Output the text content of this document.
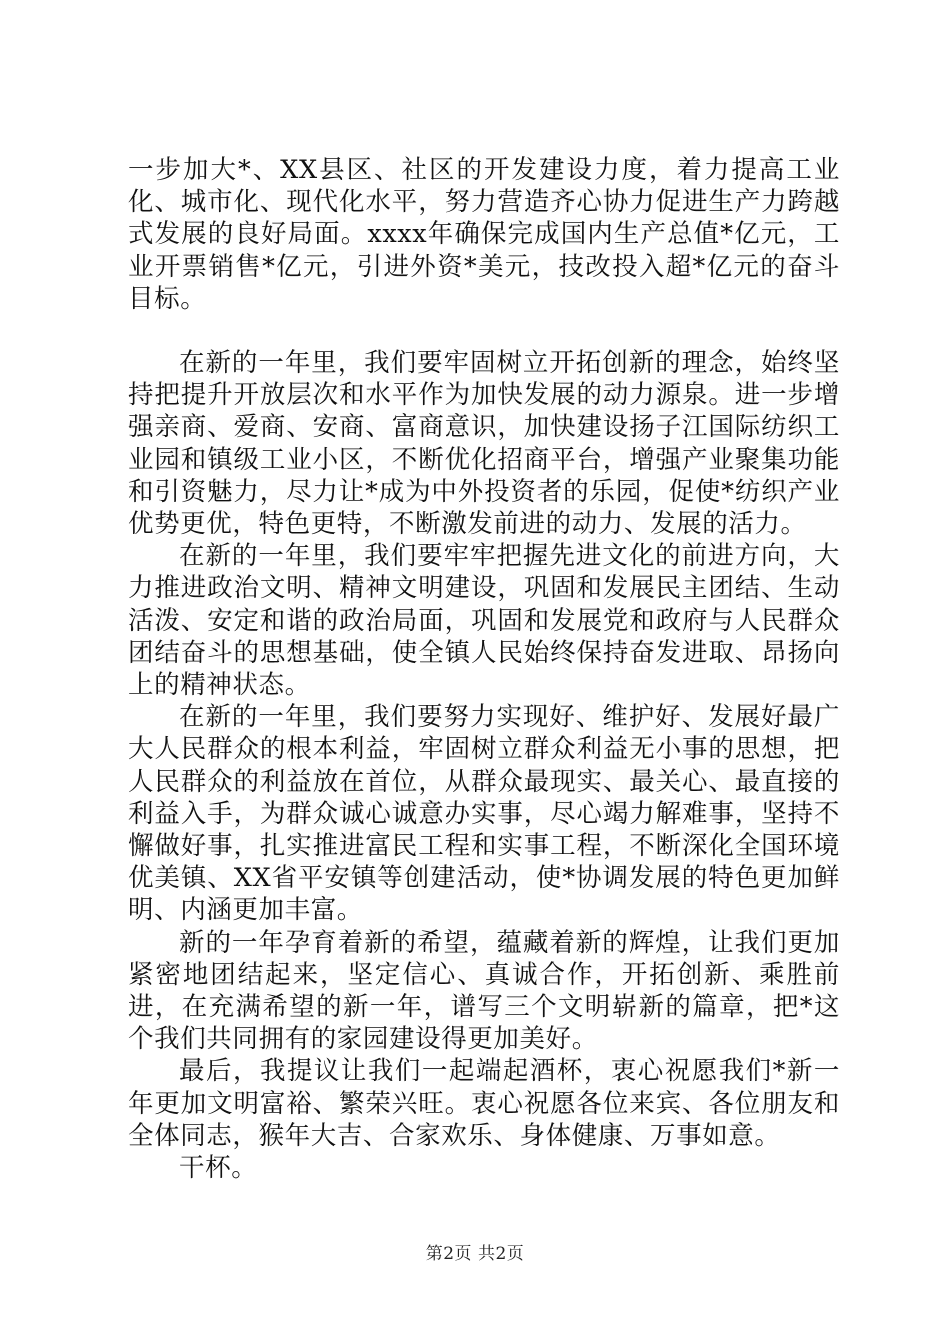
一步加大*、XX县区、社区的开发建设力度，着力提高工业化、城市化、现代化水平，努力营造齐心协力促进生产力跨越式发展的良好局面。xxxx年确保完成国内生产总值*亿元，工业开票销售*亿元，引进外资*美元，技改投入超*亿元的奋斗目标。

在新的一年里，我们要牢固树立开拓创新的理念，始终坚持把提升开放层次和水平作为加快发展的动力源泉。进一步增强亲商、爱商、安商、富商意识，加快建设扬子江国际纺织工业园和镇级工业小区，不断优化招商平台，增强产业聚集功能和引资魅力，尽力让*成为中外投资者的乐园，促使*纺织产业优势更优，特色更特，不断激发前进的动力、发展的活力。

在新的一年里，我们要牢牢把握先进文化的前进方向，大力推进政治文明、精神文明建设，巩固和发展民主团结、生动活泼、安定和谐的政治局面，巩固和发展党和政府与人民群众团结奋斗的思想基础，使全镇人民始终保持奋发进取、昂扬向上的精神状态。

在新的一年里，我们要努力实现好、维护好、发展好最广大人民群众的根本利益，牢固树立群众利益无小事的思想，把人民群众的利益放在首位，从群众最现实、最关心、最直接的利益入手，为群众诚心诚意办实事，尽心竭力解难事，坚持不懈做好事，扎实推进富民工程和实事工程，不断深化全国环境优美镇、XX省平安镇等创建活动，使*协调发展的特色更加鲜明、内涵更加丰富。

新的一年孕育着新的希望，蕴藏着新的辉煌，让我们更加紧密地团结起来，坚定信心、真诚合作，开拓创新、乘胜前进，在充满希望的新一年，谱写三个文明崭新的篇章，把*这个我们共同拥有的家园建设得更加美好。

最后，我提议让我们一起端起酒杯，衷心祝愿我们*新一年更加文明富裕、繁荣兴旺。衷心祝愿各位来宾、各位朋友和全体同志，猴年大吉、合家欢乐、身体健康、万事如意。

干杯。

第2页 共2页
